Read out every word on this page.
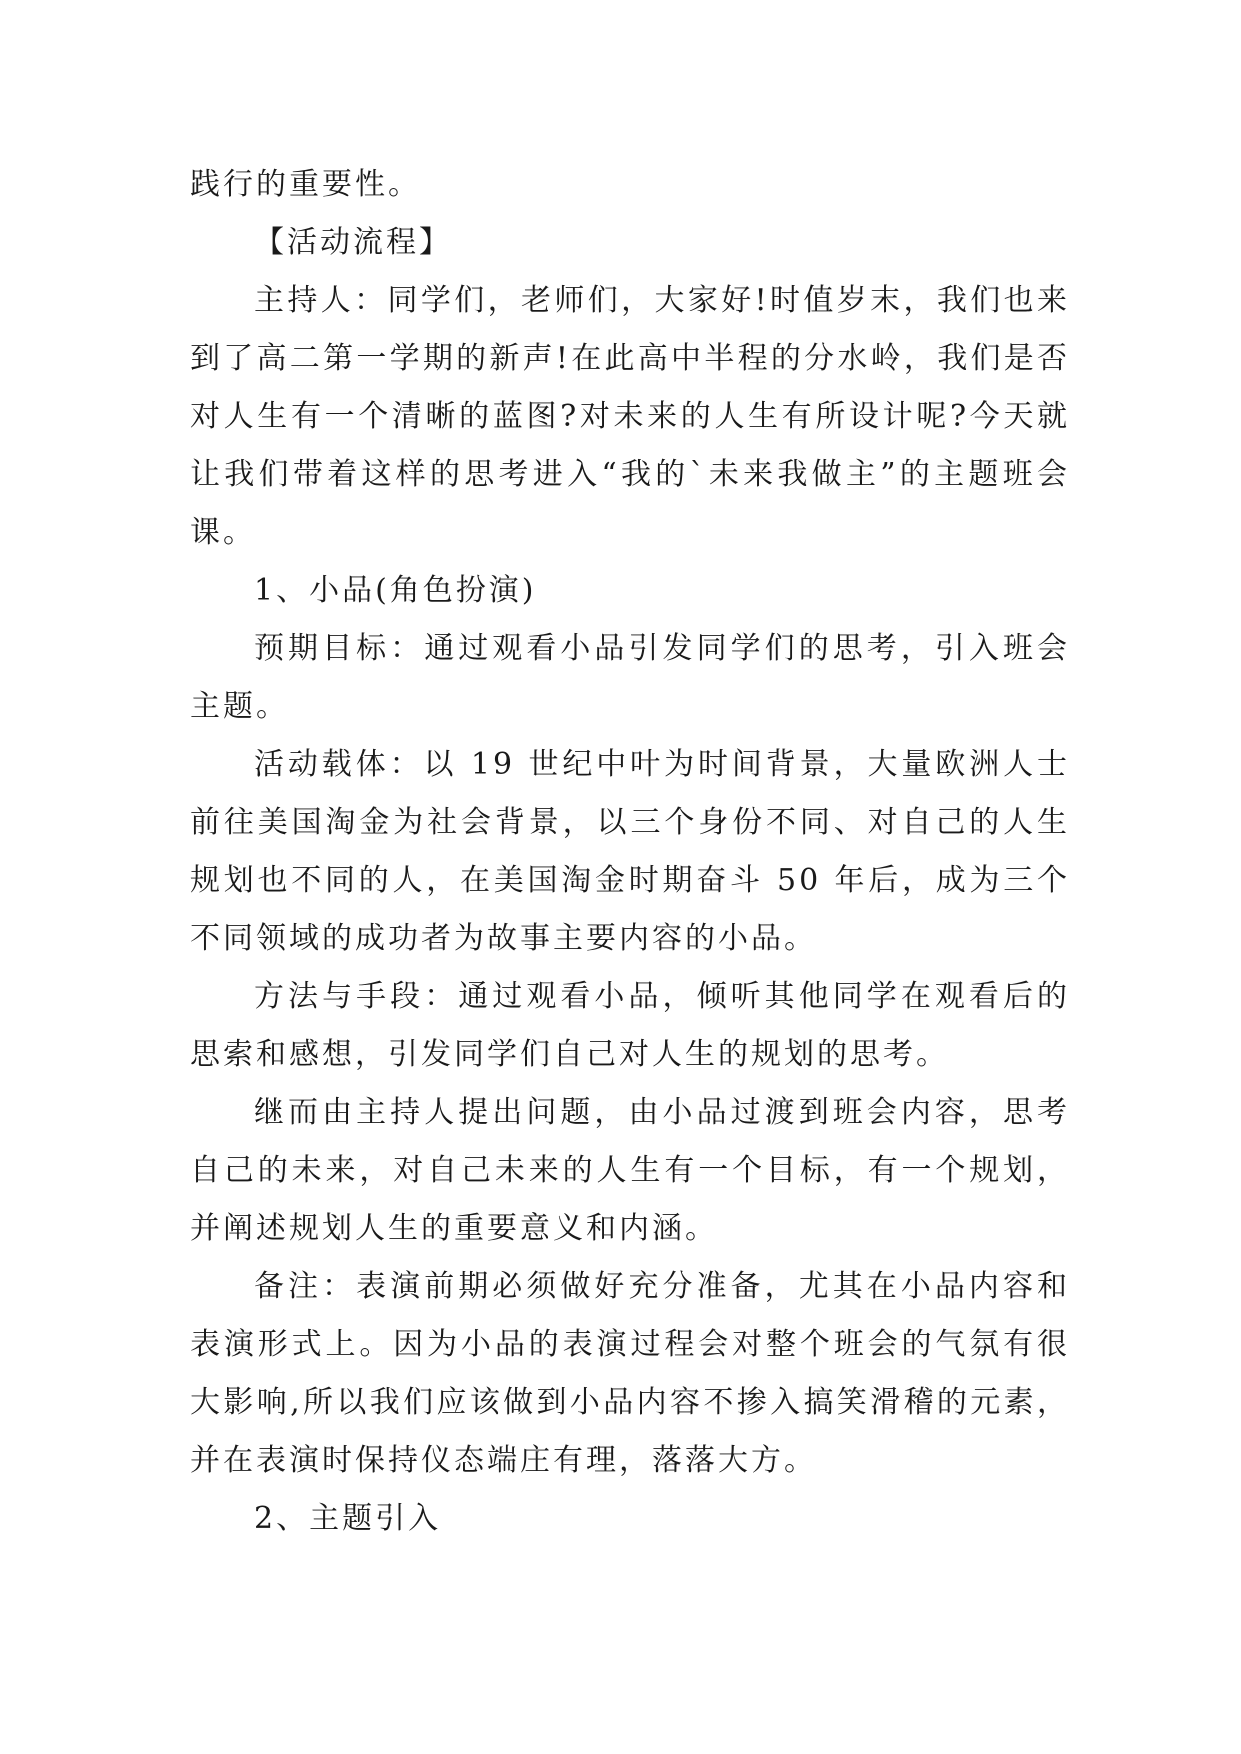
践行的重要性。

【活动流程】

主持人：同学们，老师们，大家好!时值岁末，我们也来到了高二第一学期的新声!在此高中半程的分水岭，我们是否对人生有一个清晰的蓝图?对未来的人生有所设计呢?今天就让我们带着这样的思考进入“我的`未来我做主”的主题班会课。

1、小品(角色扮演)

预期目标：通过观看小品引发同学们的思考，引入班会主题。

活动载体：以 19 世纪中叶为时间背景，大量欧洲人士前往美国淘金为社会背景，以三个身份不同、对自己的人生规划也不同的人，在美国淘金时期奋斗 50 年后，成为三个不同领域的成功者为故事主要内容的小品。

方法与手段：通过观看小品，倾听其他同学在观看后的思索和感想，引发同学们自己对人生的规划的思考。

继而由主持人提出问题，由小品过渡到班会内容，思考自己的未来，对自己未来的人生有一个目标，有一个规划，并阐述规划人生的重要意义和内涵。

备注：表演前期必须做好充分准备，尤其在小品内容和表演形式上。因为小品的表演过程会对整个班会的气氛有很大影响,所以我们应该做到小品内容不掺入搞笑滑稽的元素，并在表演时保持仪态端庄有理，落落大方。

2、主题引入
